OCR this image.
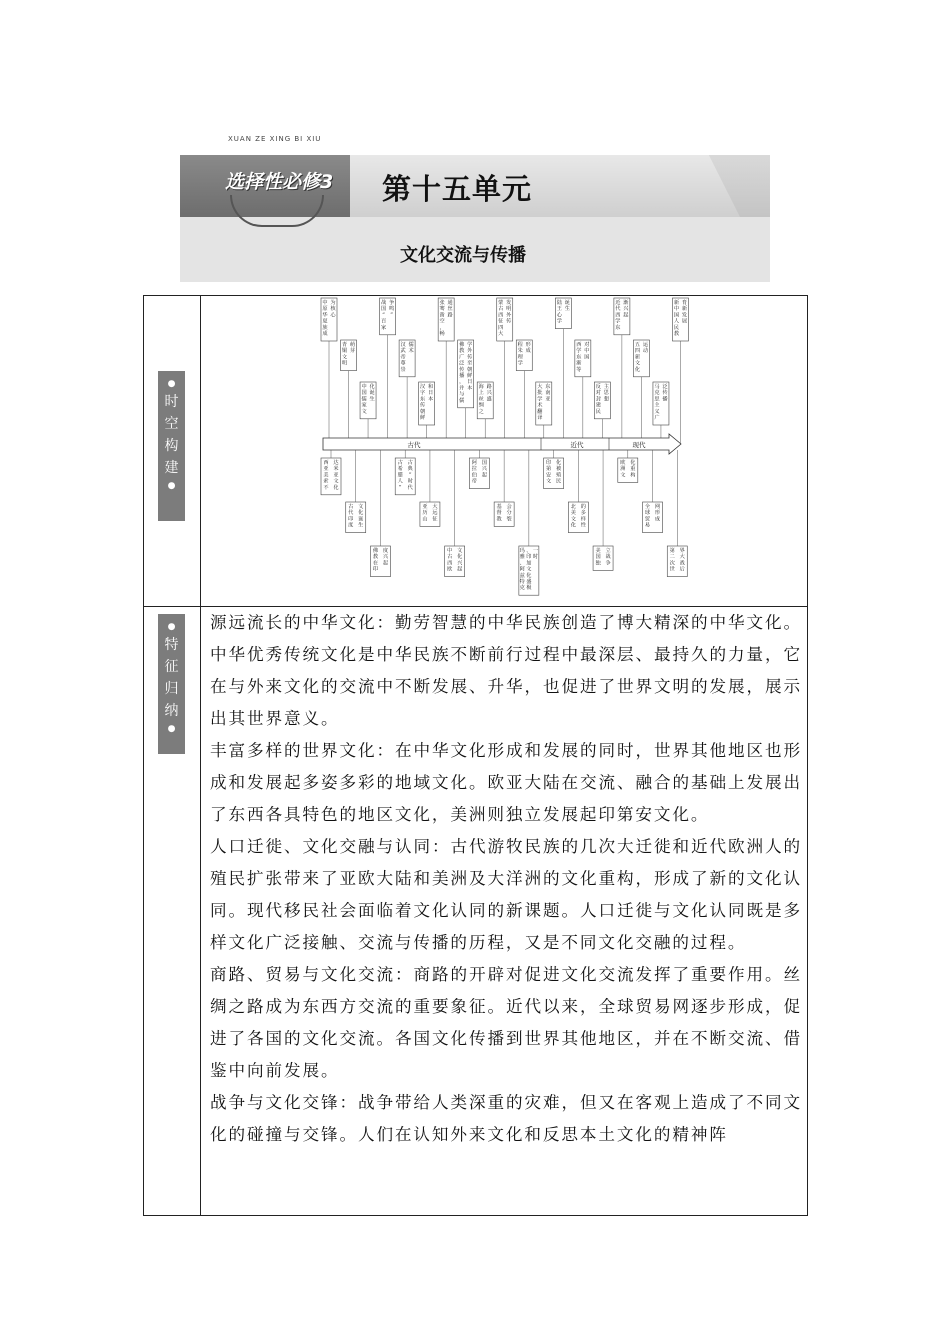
XUAN ZE XING BI XIU
选择性必修3 第十五单元
文化交流与传播
●
时
空
构
建
●
●
特
征
归
纳
●
中
原
华
夏
族
成
为
核
心
青
铜
文
明
萌
芽
中
国
儒
家
文
化
诞
生
战
国
“
百
家
争
鸣
”
汉
武
帝
尊
崇
儒
术
汉
字
东
传
朝
鲜
和
日
本
张
骞
凿
空
，
畅
通
丝
路
佛
教
广
泛
传
播
，
并
与
儒
学
外
传
至
朝
鲜
日
本 海
上
丝
绸
之
路
兴
盛
蒙
古
西
征
四
大
发
明
外
传
程
朱
理
学
形
成
大
批
学
术
翻
译
东
南
亚
陆
王
心
学
诞
生
西
学
东
渐
等
对
中
国
反
对
封
建
民
主
思
想
近
代
西
学
东
渐
兴
起
五
四
新
文
化
运
动
马
克
思
主
义
广
泛
传
播
新
中
国
人
民
教
育
新
发
展
古代	近代	现代
西
亚
美
索
不
达
米
亚
文
化
古
代
印
度
文
化
诞
生
佛
教
在
印
度
兴
起
古
希
腊
人
“
古
典
”
时
代
亚
历
山
大
远
征
中
古
西
欧
文
化
兴
起
阿
拉
伯
帝
国
兴
起
基
督
教
会
分
裂
玛
雅
、
阿
兹
特
克
、
印
加
文
化
盛
极
一
时
印
第
安
文
化
被
殖
民
北
美
文
化
的
多
样
性
美
国
独
立
战
争
欧
洲
文
化
重
构
全
球
贸
易
网
形
成
第
二
次
世
界
大
战
后

源远流长的中华文化：勤劳智慧的中华民族创造了博大精深的中华文化。中华优秀传统文化是中华民族不断前行过程中最深层、最持久的力量，它在与外来文化的交流中不断发展、升华，也促进了世界文明的发展，展示出其世界意义。

丰富多样的世界文化：在中华文化形成和发展的同时，世界其他地区也形成和发展起多姿多彩的地域文化。欧亚大陆在交流、融合的基础上发展出了东西各具特色的地区文化，美洲则独立发展起印第安文化。

人口迁徙、文化交融与认同：古代游牧民族的几次大迁徙和近代欧洲人的殖民扩张带来了亚欧大陆和美洲及大洋洲的文化重构，形成了新的文化认同。现代移民社会面临着文化认同的新课题。人口迁徙与文化认同既是多样文化广泛接触、交流与传播的历程，又是不同文化交融的过程。

商路、贸易与文化交流：商路的开辟对促进文化交流发挥了重要作用。丝绸之路成为东西方交流的重要象征。近代以来，全球贸易网逐步形成，促进了各国的文化交流。各国文化传播到世界其他地区，并在不断交流、借鉴中向前发展。

战争与文化交锋：战争带给人类深重的灾难，但又在客观上造成了不同文化的碰撞与交锋。人们在认知外来文化和反思本土文化的精神阵
